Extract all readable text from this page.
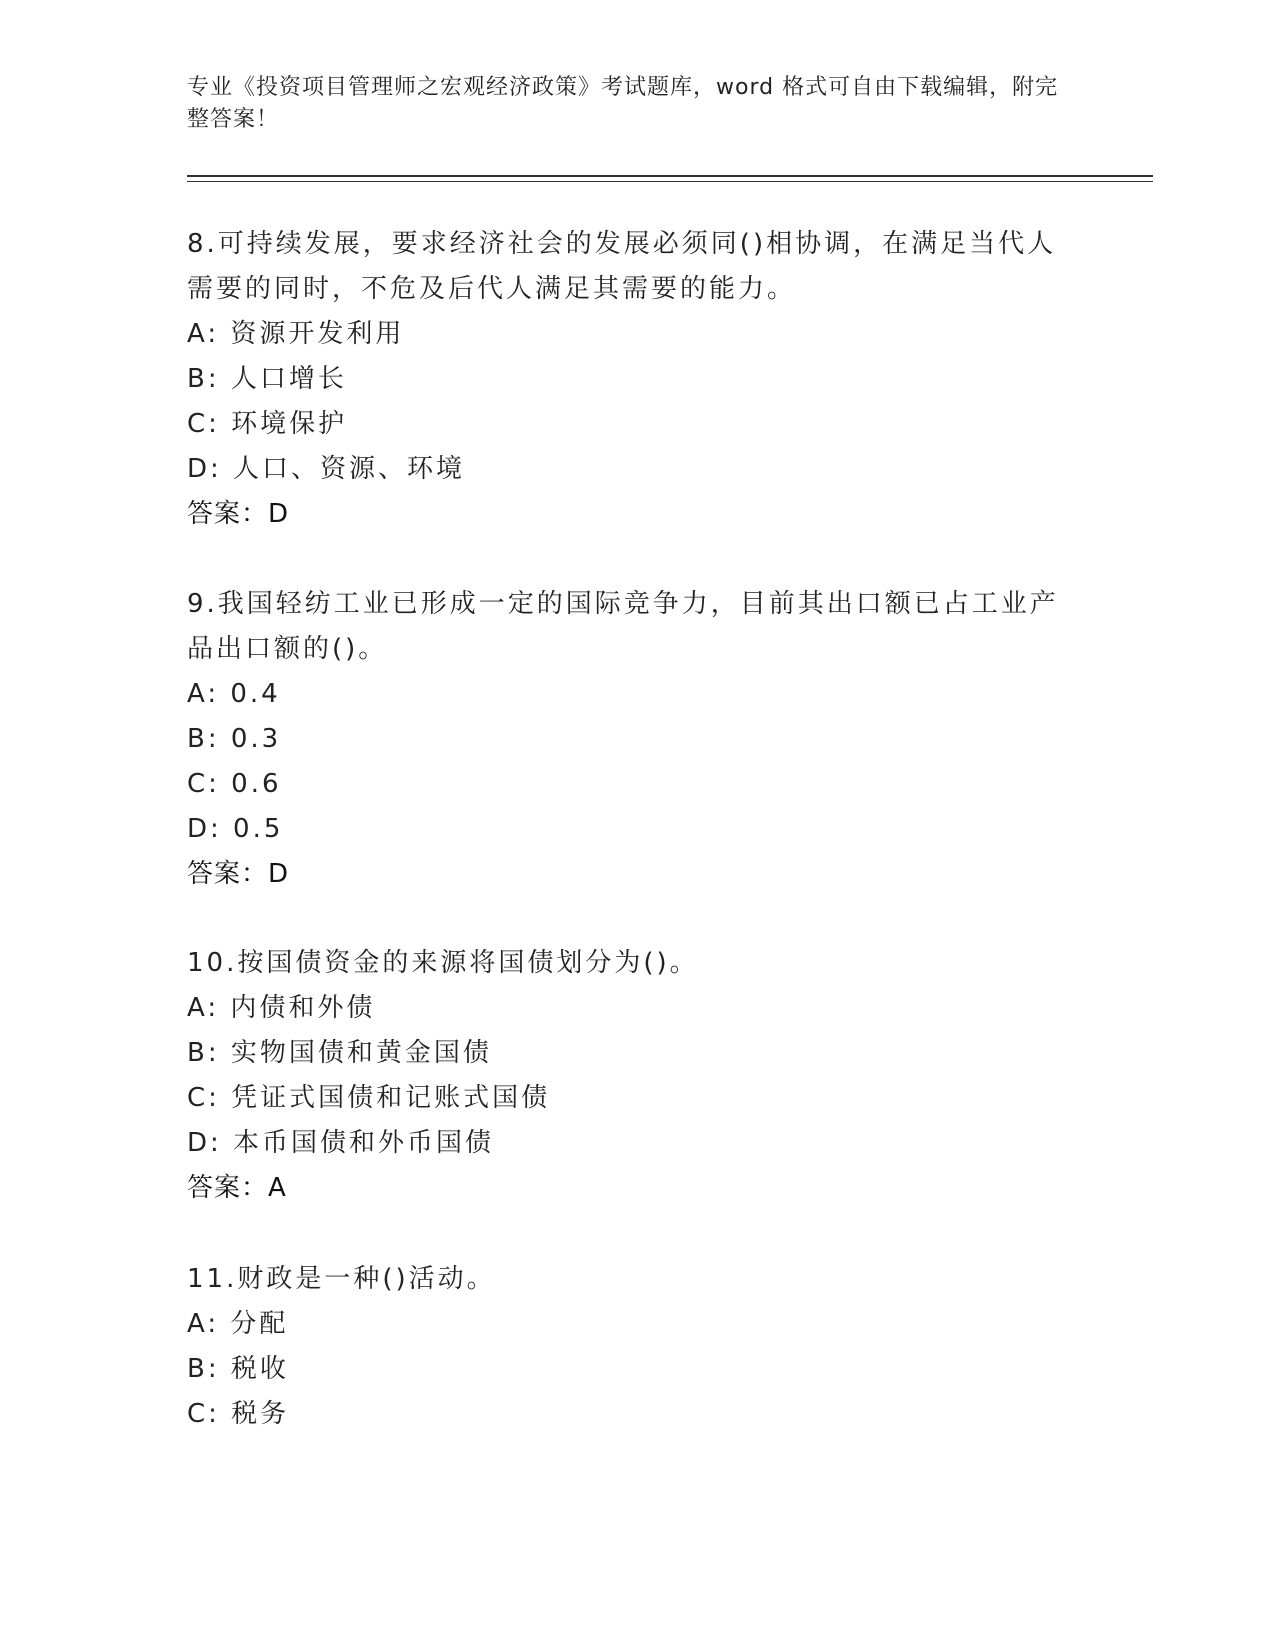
专业《投资项目管理师之宏观经济政策》考试题库，word 格式可自由下载编辑，附完整答案！
8.可持续发展，要求经济社会的发展必须同()相协调，在满足当代人需要的同时，不危及后代人满足其需要的能力。
A: 资源开发利用
B: 人口增长
C: 环境保护
D: 人口、资源、环境
答案：D
9.我国轻纺工业已形成一定的国际竞争力，目前其出口额已占工业产品出口额的()。
A: 0.4
B: 0.3
C: 0.6
D: 0.5
答案：D
10.按国债资金的来源将国债划分为()。
A: 内债和外债
B: 实物国债和黄金国债
C: 凭证式国债和记账式国债
D: 本币国债和外币国债
答案：A
11.财政是一种()活动。
A: 分配
B: 税收
C: 税务
